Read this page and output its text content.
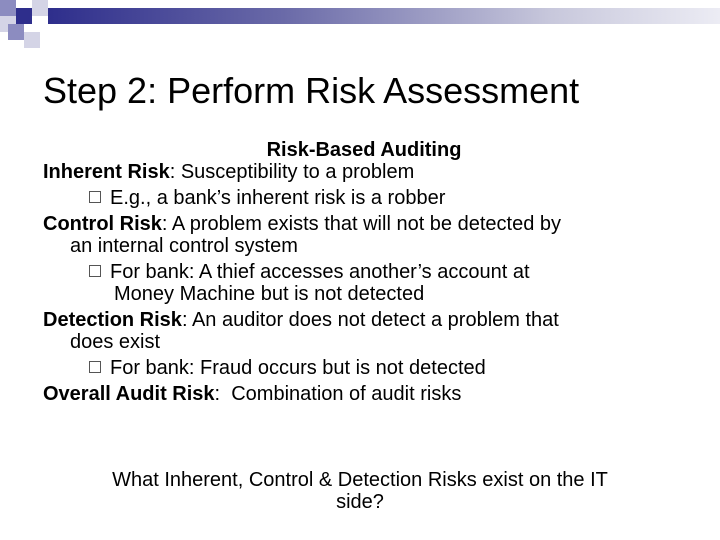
Step 2: Perform Risk Assessment

Risk-Based Auditing

Inherent Risk: Susceptibility to a problem

E.g., a bank’s inherent risk is a robber

Control Risk: A problem exists that will not be detected by

an internal control system

For bank: A thief accesses another’s account at

Money Machine but is not detected

Detection Risk: An auditor does not detect a problem that

does exist

For bank: Fraud occurs but is not detected

Overall Audit Risk:  Combination of audit risks

What Inherent, Control & Detection Risks exist on the IT
side?
